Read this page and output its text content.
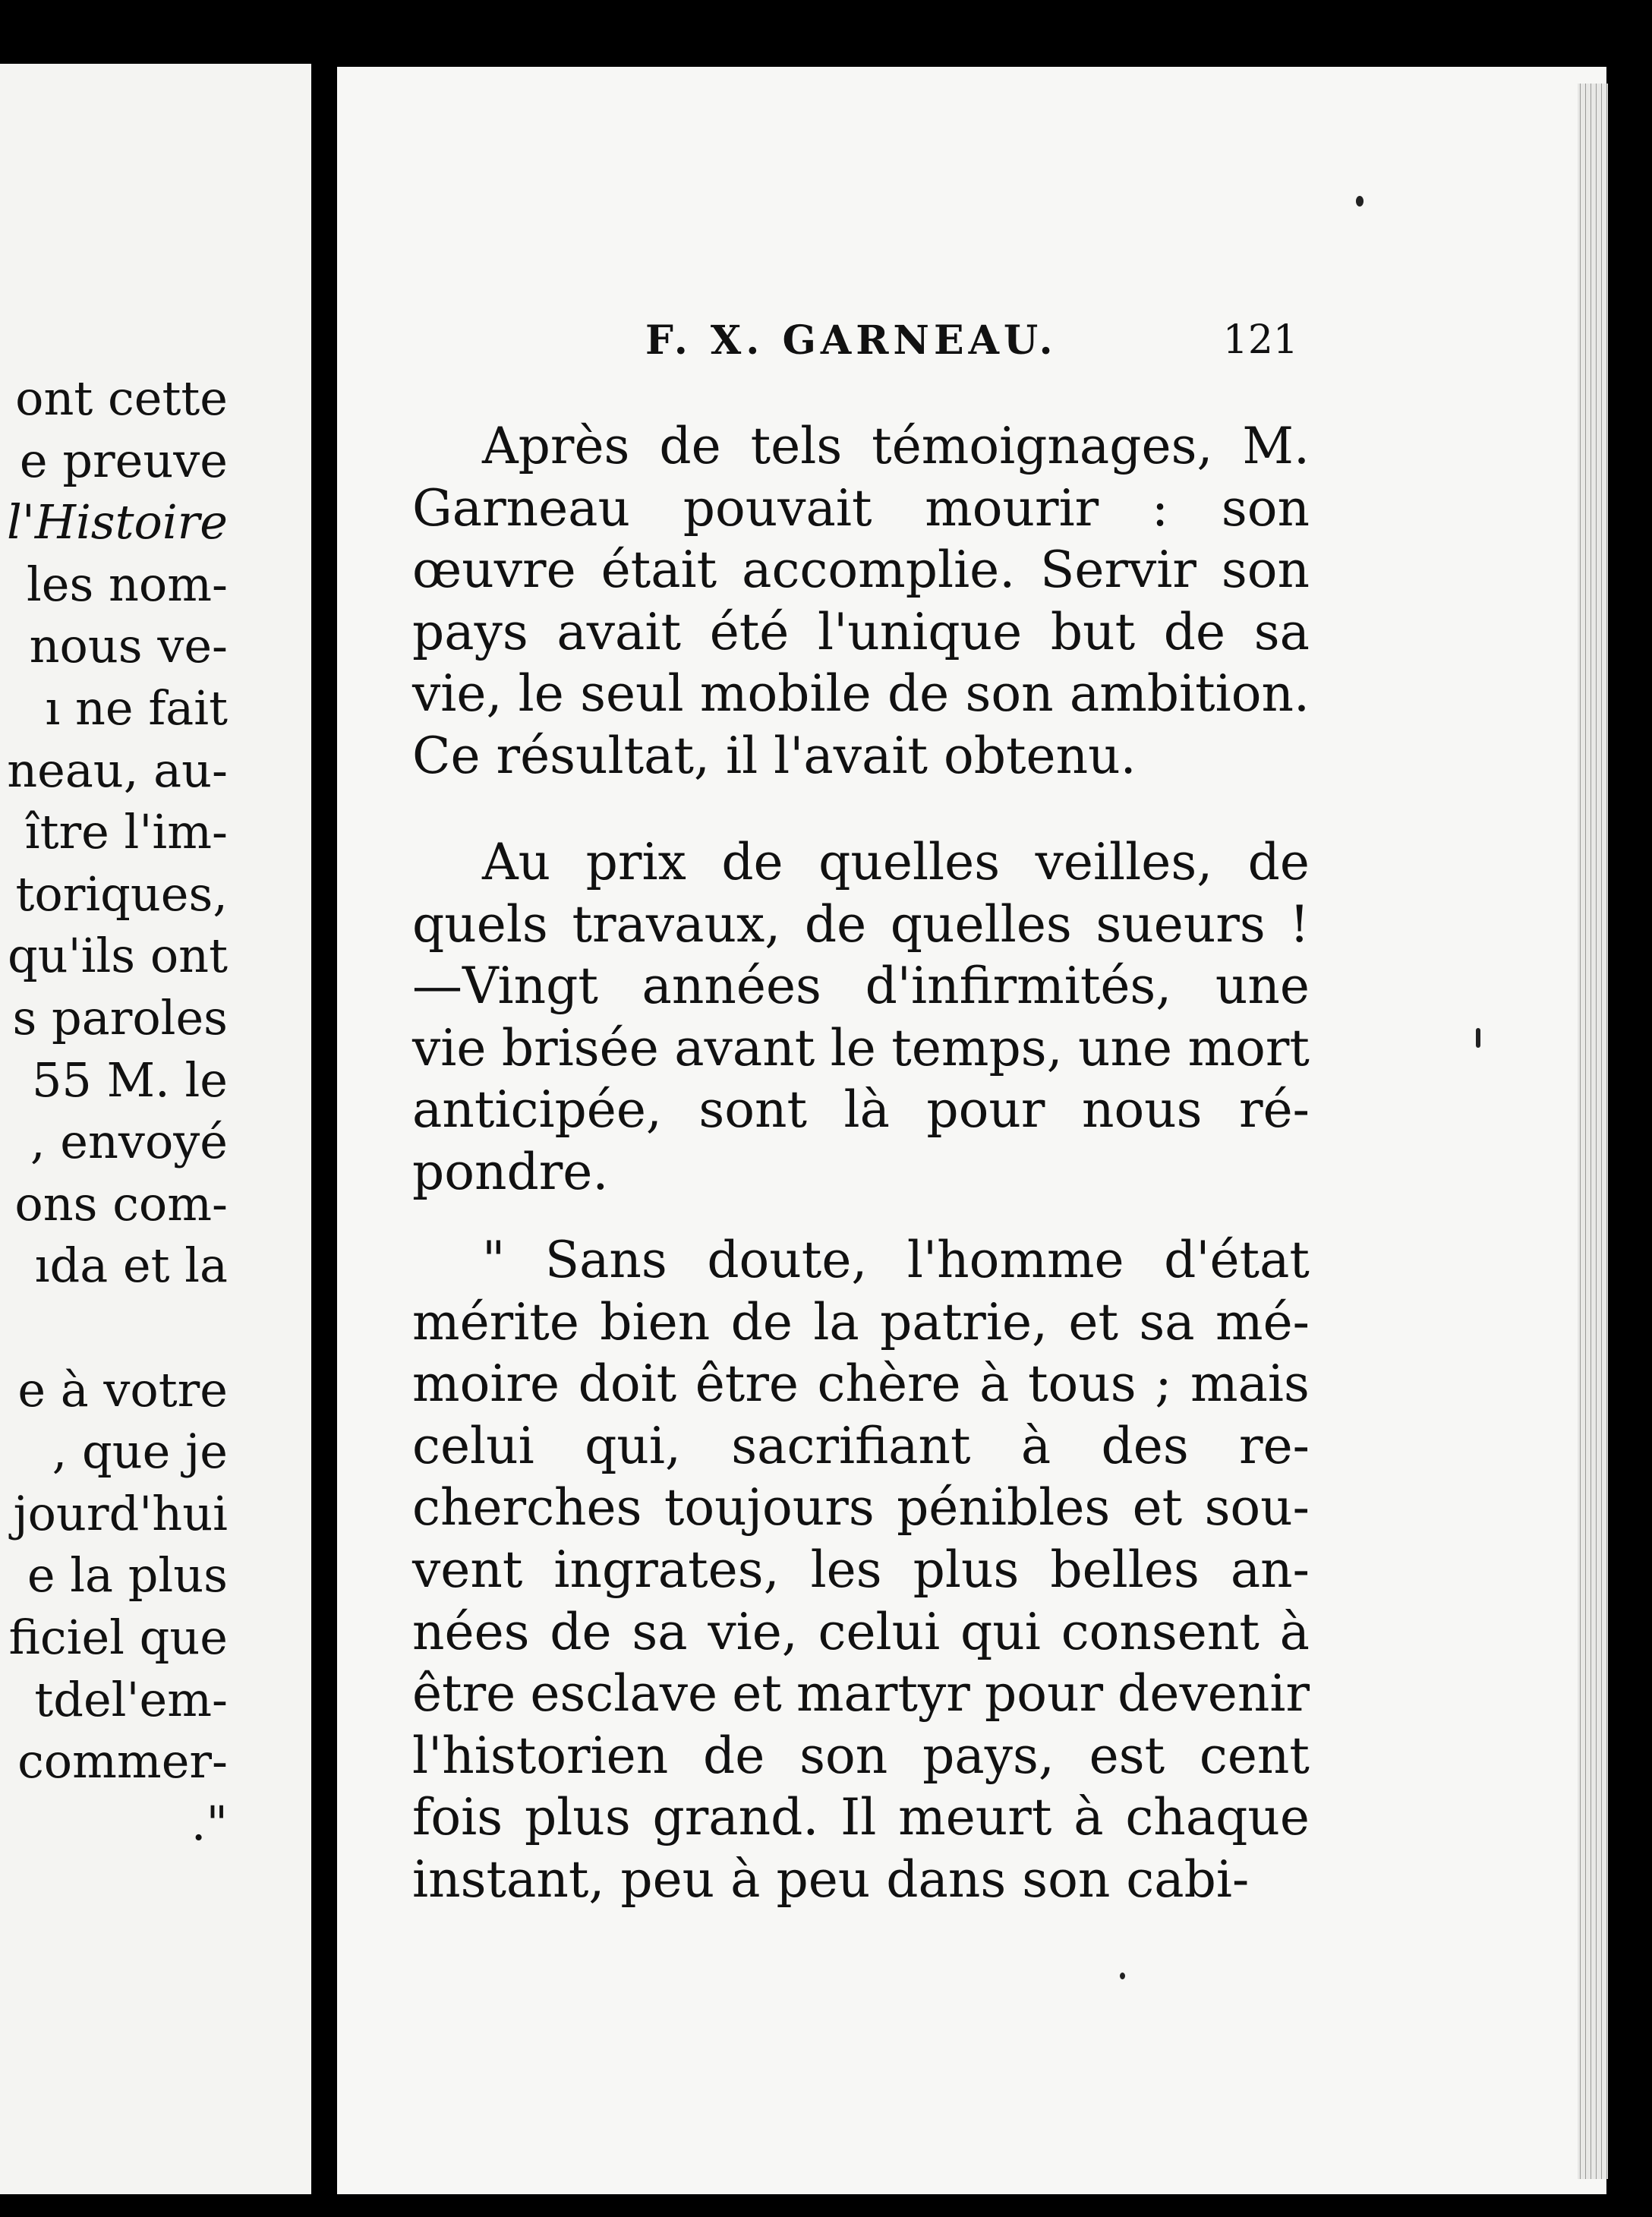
ont cette
e preuve
l'Histoire
les nom-
nous ve-
ı ne fait
neau, au-
ître l'im-
toriques,
qu'ils ont
s paroles
55 M. le
, envoyé
ons com-
ıda et la
e à votre
, que je
jourd'hui
e la plus
ficiel que
tdel'em-
commer-
."
F. X. GARNEAU.	121
Après de tels témoignages, M.
Garneau pouvait mourir : son
œuvre était accomplie. Servir son
pays avait été l'unique but de sa
vie, le seul mobile de son ambition.
Ce résultat, il l'avait obtenu.
Au prix de quelles veilles, de
quels travaux, de quelles sueurs !
—Vingt années d'infirmités, une
vie brisée avant le temps, une mort
anticipée, sont là pour nous ré-
pondre.
" Sans doute, l'homme d'état
mérite bien de la patrie, et sa mé-
moire doit être chère à tous ; mais
celui qui, sacrifiant à des re-
cherches toujours pénibles et sou-
vent ingrates, les plus belles an-
nées de sa vie, celui qui consent à
être esclave et martyr pour devenir
l'historien de son pays, est cent
fois plus grand. Il meurt à chaque
instant, peu à peu dans son cabi-
